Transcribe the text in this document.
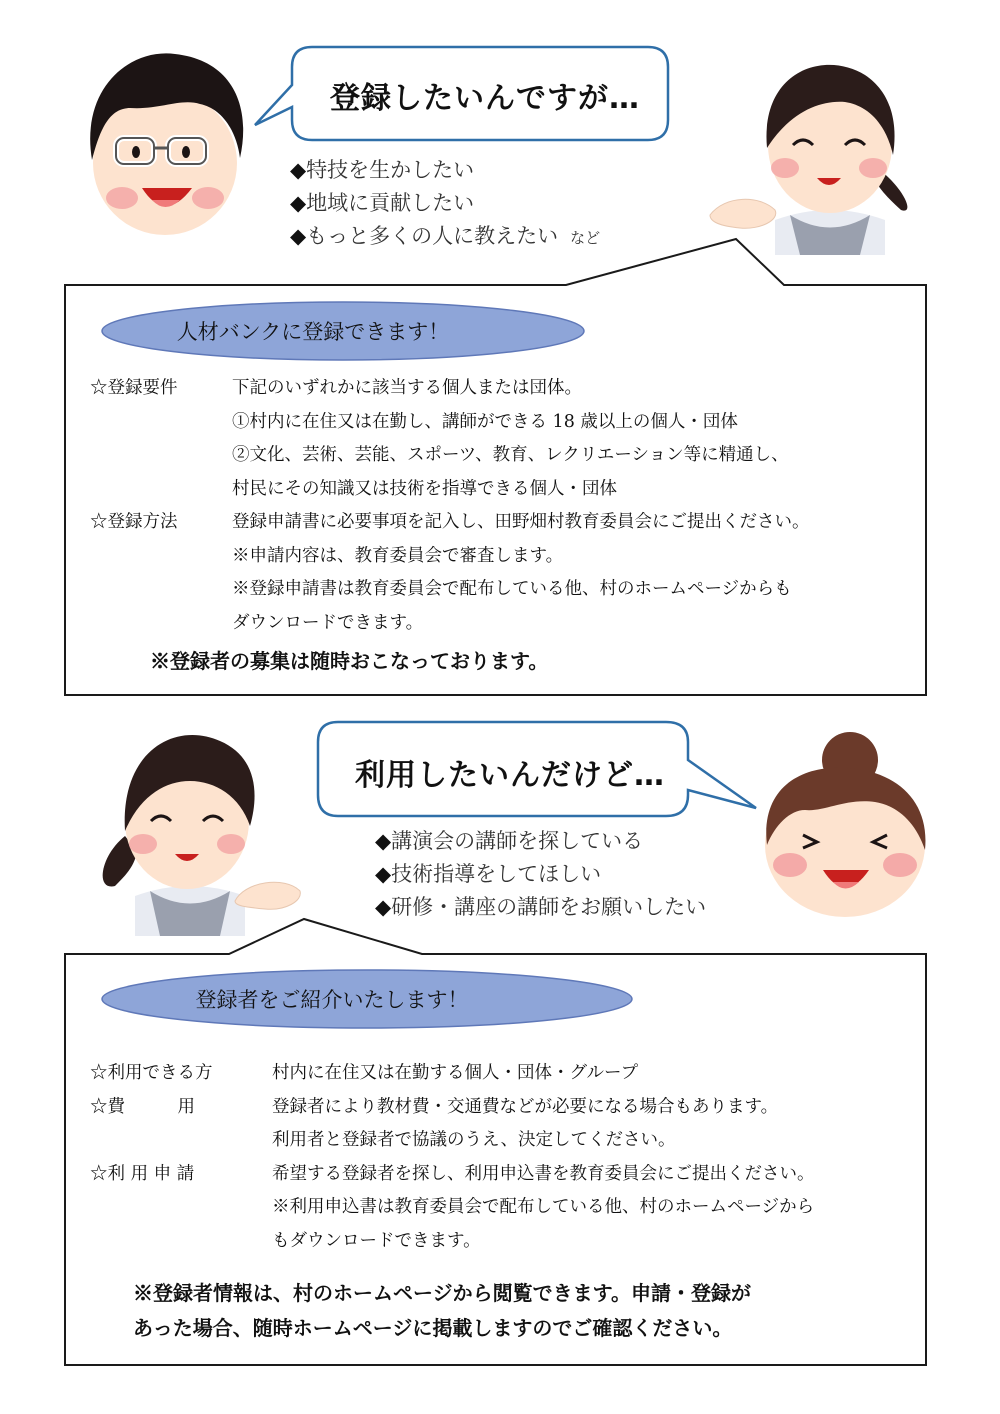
登録したいんですが…
◆特技を生かしたい
◆地域に貢献したい
◆もっと多くの人に教えたい など
人材バンクに登録できます！
☆登録要件	下記のいずれかに該当する個人または団体。
①村内に在住又は在勤し、講師ができる 18 歳以上の個人・団体
②文化、芸術、芸能、スポーツ、教育、レクリエーション等に精通し、
村民にその知識又は技術を指導できる個人・団体
☆登録方法	登録申請書に必要事項を記入し、田野畑村教育委員会にご提出ください。
※申請内容は、教育委員会で審査します。
※登録申請書は教育委員会で配布している他、村のホームページからも
ダウンロードできます。
※登録者の募集は随時おこなっております。
利用したいんだけど…
◆講演会の講師を探している
◆技術指導をしてほしい
◆研修・講座の講師をお願いしたい
登録者をご紹介いたします！
☆利用できる方	村内に在住又は在勤する個人・団体・グループ
☆費　　　用	登録者により教材費・交通費などが必要になる場合もあります。
利用者と登録者で協議のうえ、決定してください。
☆利 用 申 請	希望する登録者を探し、利用申込書を教育委員会にご提出ください。
※利用申込書は教育委員会で配布している他、村のホームページから
もダウンロードできます。
※登録者情報は、村のホームページから閲覧できます。申請・登録が
あった場合、随時ホームページに掲載しますのでご確認ください。
